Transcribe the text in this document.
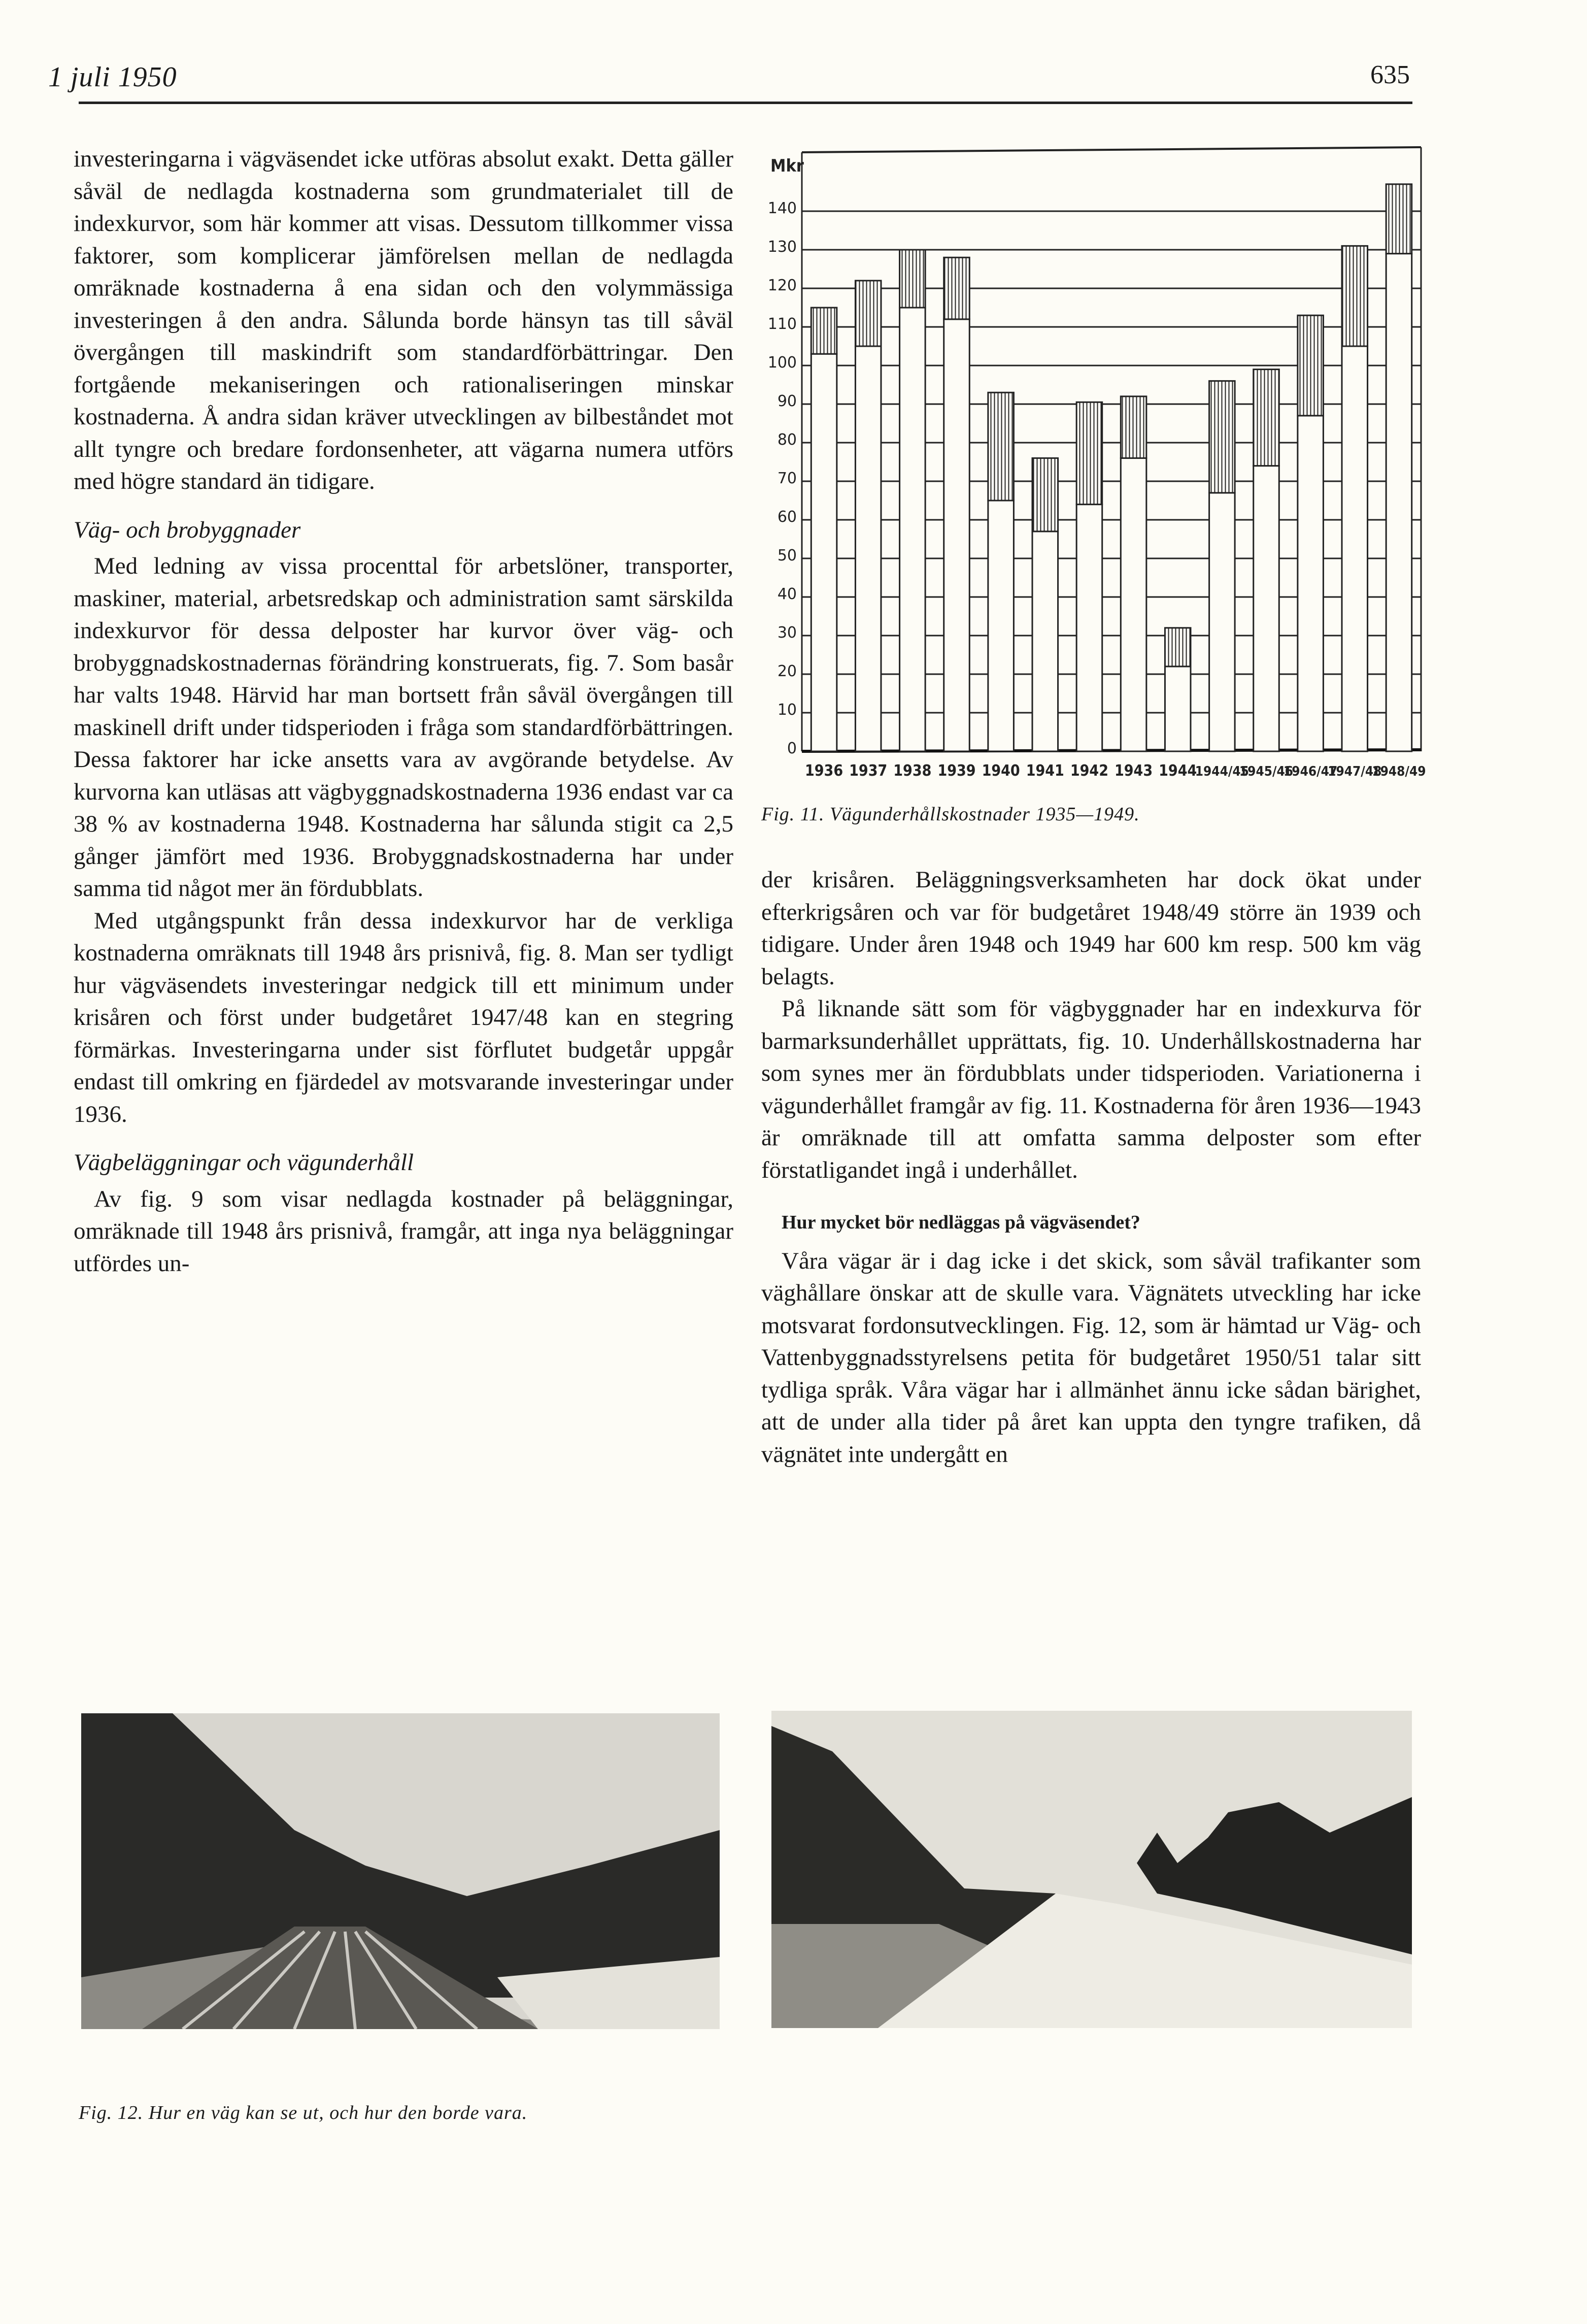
1 juli 1950	635

investeringarna i vägväsendet icke utföras absolut exakt. Detta gäller såväl de nedlagda kostnaderna som grundmaterialet till de indexkurvor, som här kommer att visas. Dessutom tillkommer vissa faktorer, som komplicerar jämförelsen mellan de nedlagda omräknade kostnaderna å ena sidan och den volymmässiga investeringen å den andra. Sålunda borde hänsyn tas till såväl övergången till maskindrift som standardförbättringar. Den fortgående mekaniseringen och rationaliseringen minskar kostnaderna. Å andra sidan kräver utvecklingen av bilbeståndet mot allt tyngre och bredare fordonsenheter, att vägarna numera utförs med högre standard än tidigare.

Väg- och brobyggnader

Med ledning av vissa procenttal för arbetslöner, transporter, maskiner, material, arbetsredskap och administration samt särskilda indexkurvor för dessa delposter har kurvor över väg- och brobyggnadskostnadernas förändring konstruerats, fig. 7. Som basår har valts 1948. Härvid har man bortsett från såväl övergången till maskinell drift under tidsperioden i fråga som standardförbättringen. Dessa faktorer har icke ansetts vara av avgörande betydelse. Av kurvorna kan utläsas att vägbyggnadskostnaderna 1936 endast var ca 38 % av kostnaderna 1948. Kostnaderna har sålunda stigit ca 2,5 gånger jämfört med 1936. Brobyggnadskostnaderna har under samma tid något mer än fördubblats.

Med utgångspunkt från dessa indexkurvor har de verkliga kostnaderna omräknats till 1948 års prisnivå, fig. 8. Man ser tydligt hur vägväsendets investeringar nedgick till ett minimum under krisåren och först under budgetåret 1947/48 kan en stegring förmärkas. Investeringarna under sist förflutet budgetår uppgår endast till omkring en fjärdedel av motsvarande investeringar under 1936.

Vägbeläggningar och vägunderhåll

Av fig. 9 som visar nedlagda kostnader på beläggningar, omräknade till 1948 års prisnivå, framgår, att inga nya beläggningar utfördes un-

Mkr
0
10
20
30
40
50
60
70
80
90
100
110
120
130
140
1936 1937 1938 1939 1940 1941 1942 1943 1944
1944/45
1945/46
1946/47
1947/48
1948/49
Fig. 11. Vägunderhållskostnader 1935—1949.

der krisåren. Beläggningsverksamheten har dock ökat under efterkrigsåren och var för budgetåret 1948/49 större än 1939 och tidigare. Under åren 1948 och 1949 har 600 km resp. 500 km väg belagts.

På liknande sätt som för vägbyggnader har en indexkurva för barmarksunderhållet upprättats, fig. 10. Underhållskostnaderna har som synes mer än fördubblats under tidsperioden. Variationerna i vägunderhållet framgår av fig. 11. Kostnaderna för åren 1936—1943 är omräknade till att omfatta samma delposter som efter förstatligandet ingå i underhållet.

Hur mycket bör nedläggas på vägväsendet?

Våra vägar är i dag icke i det skick, som såväl trafikanter som väghållare önskar att de skulle vara. Vägnätets utveckling har icke motsvarat fordonsutvecklingen. Fig. 12, som är hämtad ur Väg- och Vattenbyggnadsstyrelsens petita för budgetåret 1950/51 talar sitt tydliga språk. Våra vägar har i allmänhet ännu icke sådan bärighet, att de under alla tider på året kan uppta den tyngre trafiken, då vägnätet inte undergått en

Fig. 12. Hur en väg kan se ut, och hur den borde vara.
